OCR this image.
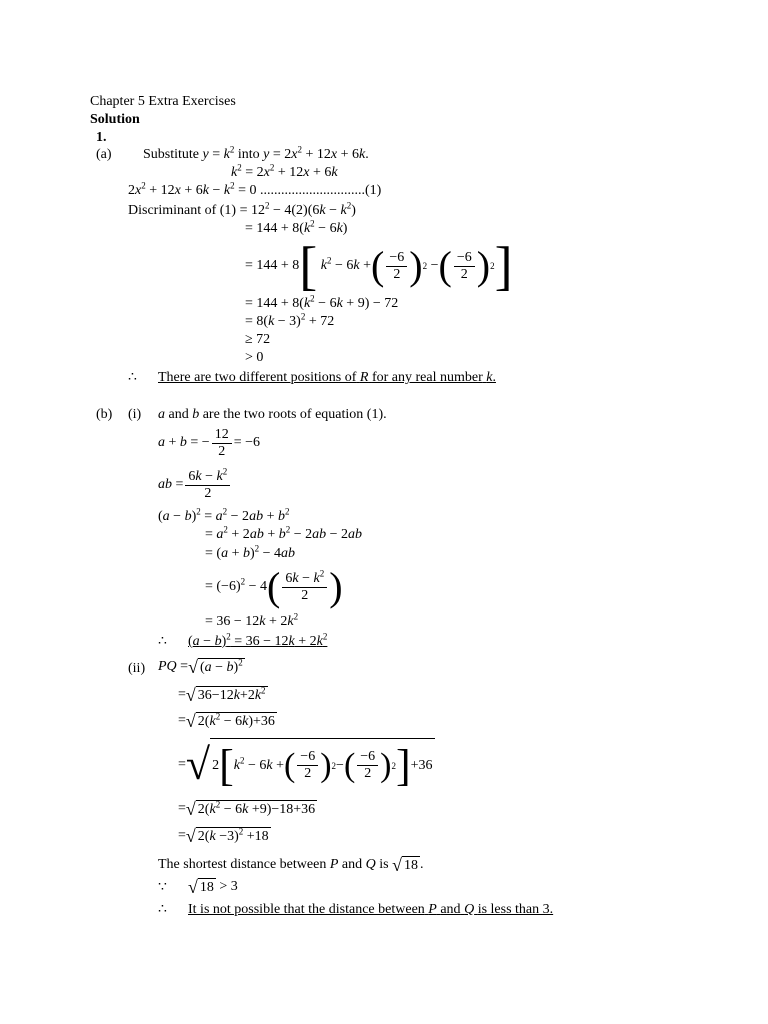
Chapter 5 Extra Exercises
Solution
1.
(a) Substitute $y = k^2$ into $y = 2x^2 + 12x + 6k$.
$k^2 = 2x^2 + 12x + 6k$
$2x^2 + 12x + 6k - k^2 = 0$ ..............................(1)
Discriminant of $(1) = 12^2 - 4(2)(6k - k^2)$
= $144 + 8(k^2 - 6k)$
= 144 + 8 [ $k^2 - 6k$ + ( $\frac{-6}{2}$ ) 2 − ( $\frac{-6}{2}$ ) 2 ]
= $144 + 8(k^2 - 6k + 9) - 72$
= $8(k - 3)^2 + 72$
≥ 72
> 0
∴ There are two different positions of R for any real number k.
(b) (i) a and b are the two roots of equation (1).
a + b = − $\frac{12}{2} = -6$
ab = $\frac{6k - k^2}{2}$
$(a - b)^2 = a^2 - 2ab + b^2$
= $a^2 + 2ab + b^2 - 2ab - 2ab$
= $(a + b)^2 - 4ab$
= $(-6)^2 - 4$ ( $\frac{6k - k^2}{2}$ )
= $36 - 12k + 2k^2$
∴ $(a - b)^2 = 36 - 12k + 2k^2$
(ii) PQ = √ $(a - b)^2$
= √ $36-12k+2k^2$
= √ $2(k^2 - 6k)+36$
= √ 2 [ $k^2 - 6k$ + ( $\frac{-6}{2}$ ) 2 − ( $\frac{-6}{2}$ ) 2 ] +36
= √ $2(k^2 - 6k +9)-18+36$
= √ $2(k -3)^2 +18$
The shortest distance between P and Q is √ 18 .
∵ √ 18 > 3
∴ It is not possible that the distance between P and Q is less than 3.
